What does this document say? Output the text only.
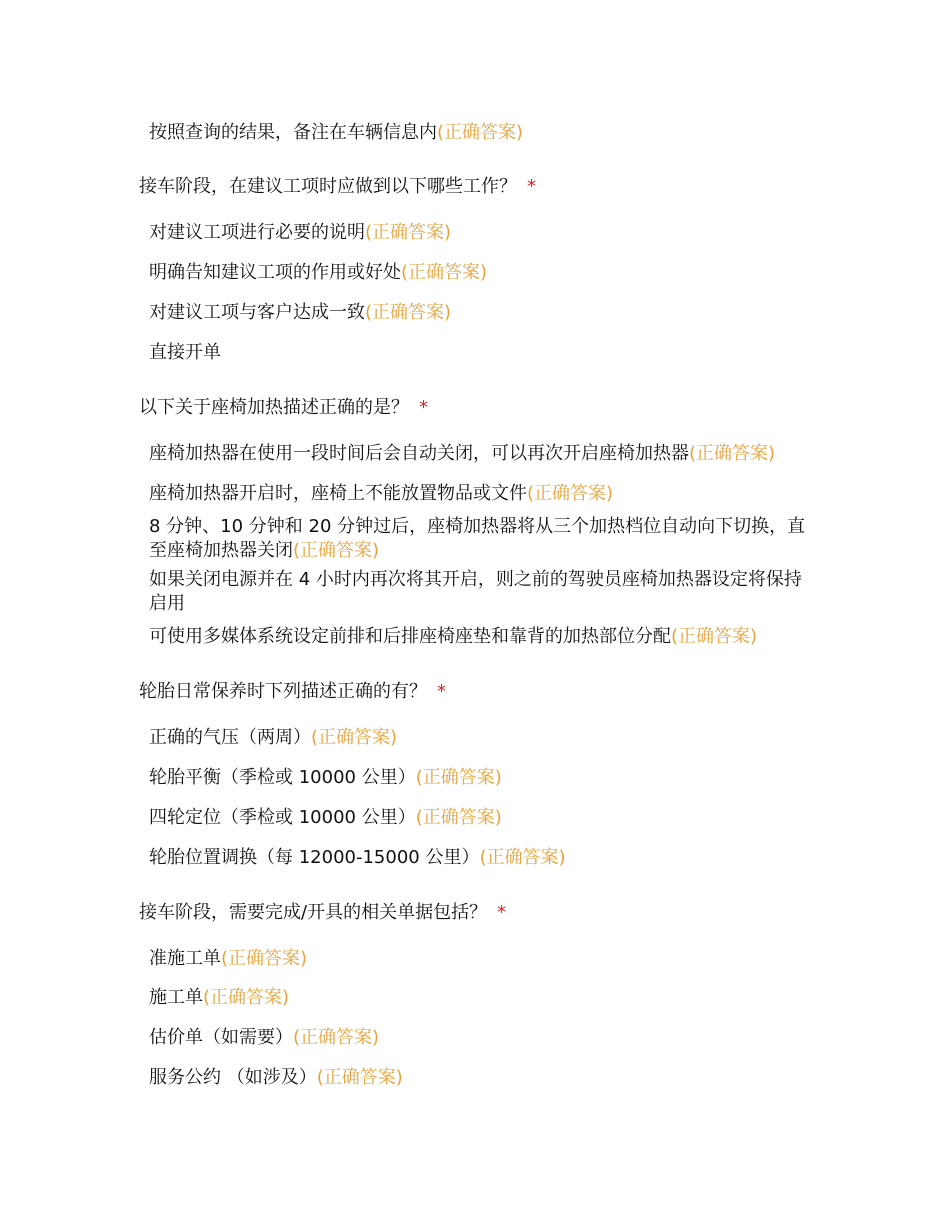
按照查询的结果，备注在车辆信息内(正确答案)
接车阶段，在建议工项时应做到以下哪些工作？ *
对建议工项进行必要的说明(正确答案)
明确告知建议工项的作用或好处(正确答案)
对建议工项与客户达成一致(正确答案)
直接开单
以下关于座椅加热描述正确的是？ *
座椅加热器在使用一段时间后会自动关闭，可以再次开启座椅加热器(正确答案)
座椅加热器开启时，座椅上不能放置物品或文件(正确答案)
8 分钟、10 分钟和 20 分钟过后，座椅加热器将从三个加热档位自动向下切换，直至座椅加热器关闭(正确答案)
如果关闭电源并在 4 小时内再次将其开启，则之前的驾驶员座椅加热器设定将保持启用
可使用多媒体系统设定前排和后排座椅座垫和靠背的加热部位分配(正确答案)
轮胎日常保养时下列描述正确的有？ *
正确的气压（两周）(正确答案)
轮胎平衡（季检或 10000 公里）(正确答案)
四轮定位（季检或 10000 公里）(正确答案)
轮胎位置调换（每 12000-15000 公里）(正确答案)
接车阶段，需要完成/开具的相关单据包括？ *
准施工单(正确答案)
施工单(正确答案)
估价单（如需要）(正确答案)
服务公约 （如涉及）(正确答案)
